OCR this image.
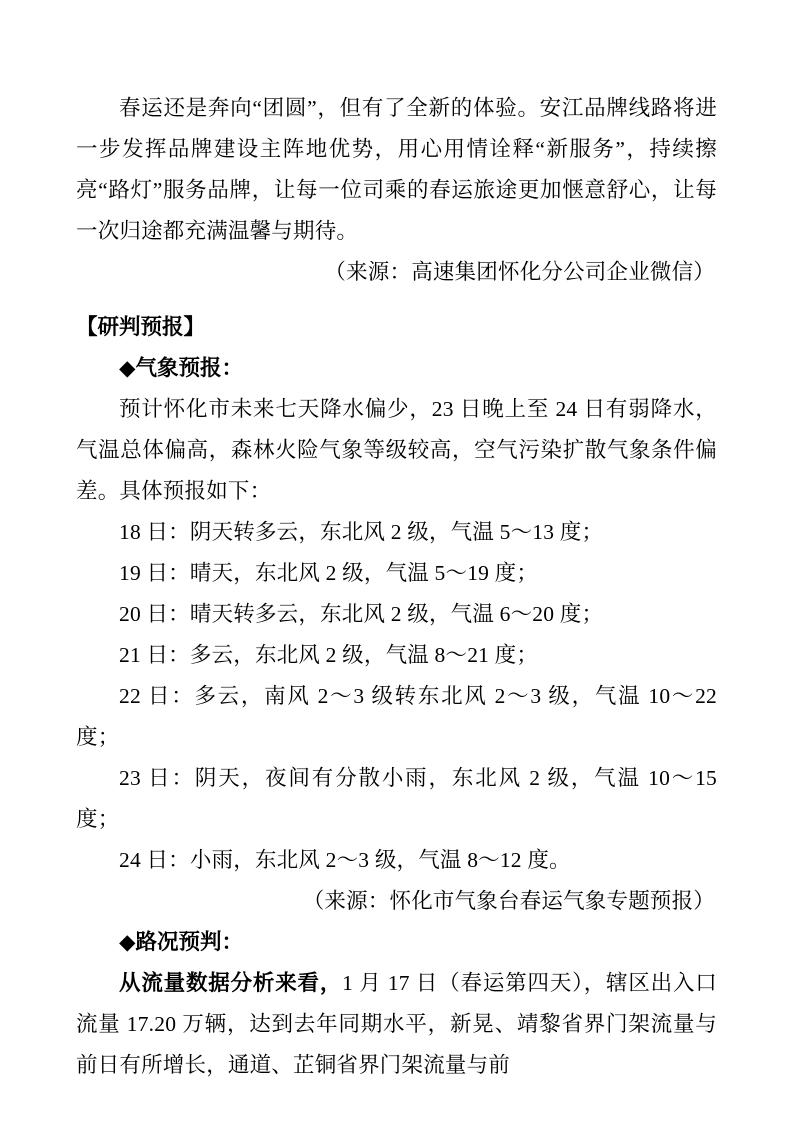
春运还是奔向“团圆”，但有了全新的体验。安江品牌线路将进一步发挥品牌建设主阵地优势，用心用情诠释“新服务”，持续擦亮“路灯”服务品牌，让每一位司乘的春运旅途更加惬意舒心，让每一次归途都充满温馨与期待。

（来源：高速集团怀化分公司企业微信）

【研判预报】

◆气象预报：

预计怀化市未来七天降水偏少，23 日晚上至 24 日有弱降水，气温总体偏高，森林火险气象等级较高，空气污染扩散气象条件偏差。具体预报如下：

18 日：阴天转多云，东北风 2 级，气温 5～13 度；

19 日：晴天，东北风 2 级，气温 5～19 度；

20 日：晴天转多云，东北风 2 级，气温 6～20 度；

21 日：多云，东北风 2 级，气温 8～21 度；

22 日：多云，南风 2～3 级转东北风 2～3 级，气温 10～22 度；

23 日：阴天，夜间有分散小雨，东北风 2 级，气温 10～15 度；

24 日：小雨，东北风 2～3 级，气温 8～12 度。

（来源：怀化市气象台春运气象专题预报）

◆路况预判：

从流量数据分析来看，1 月 17 日（春运第四天），辖区出入口流量 17.20 万辆，达到去年同期水平，新晃、靖黎省界门架流量与前日有所增长，通道、芷铜省界门架流量与前
